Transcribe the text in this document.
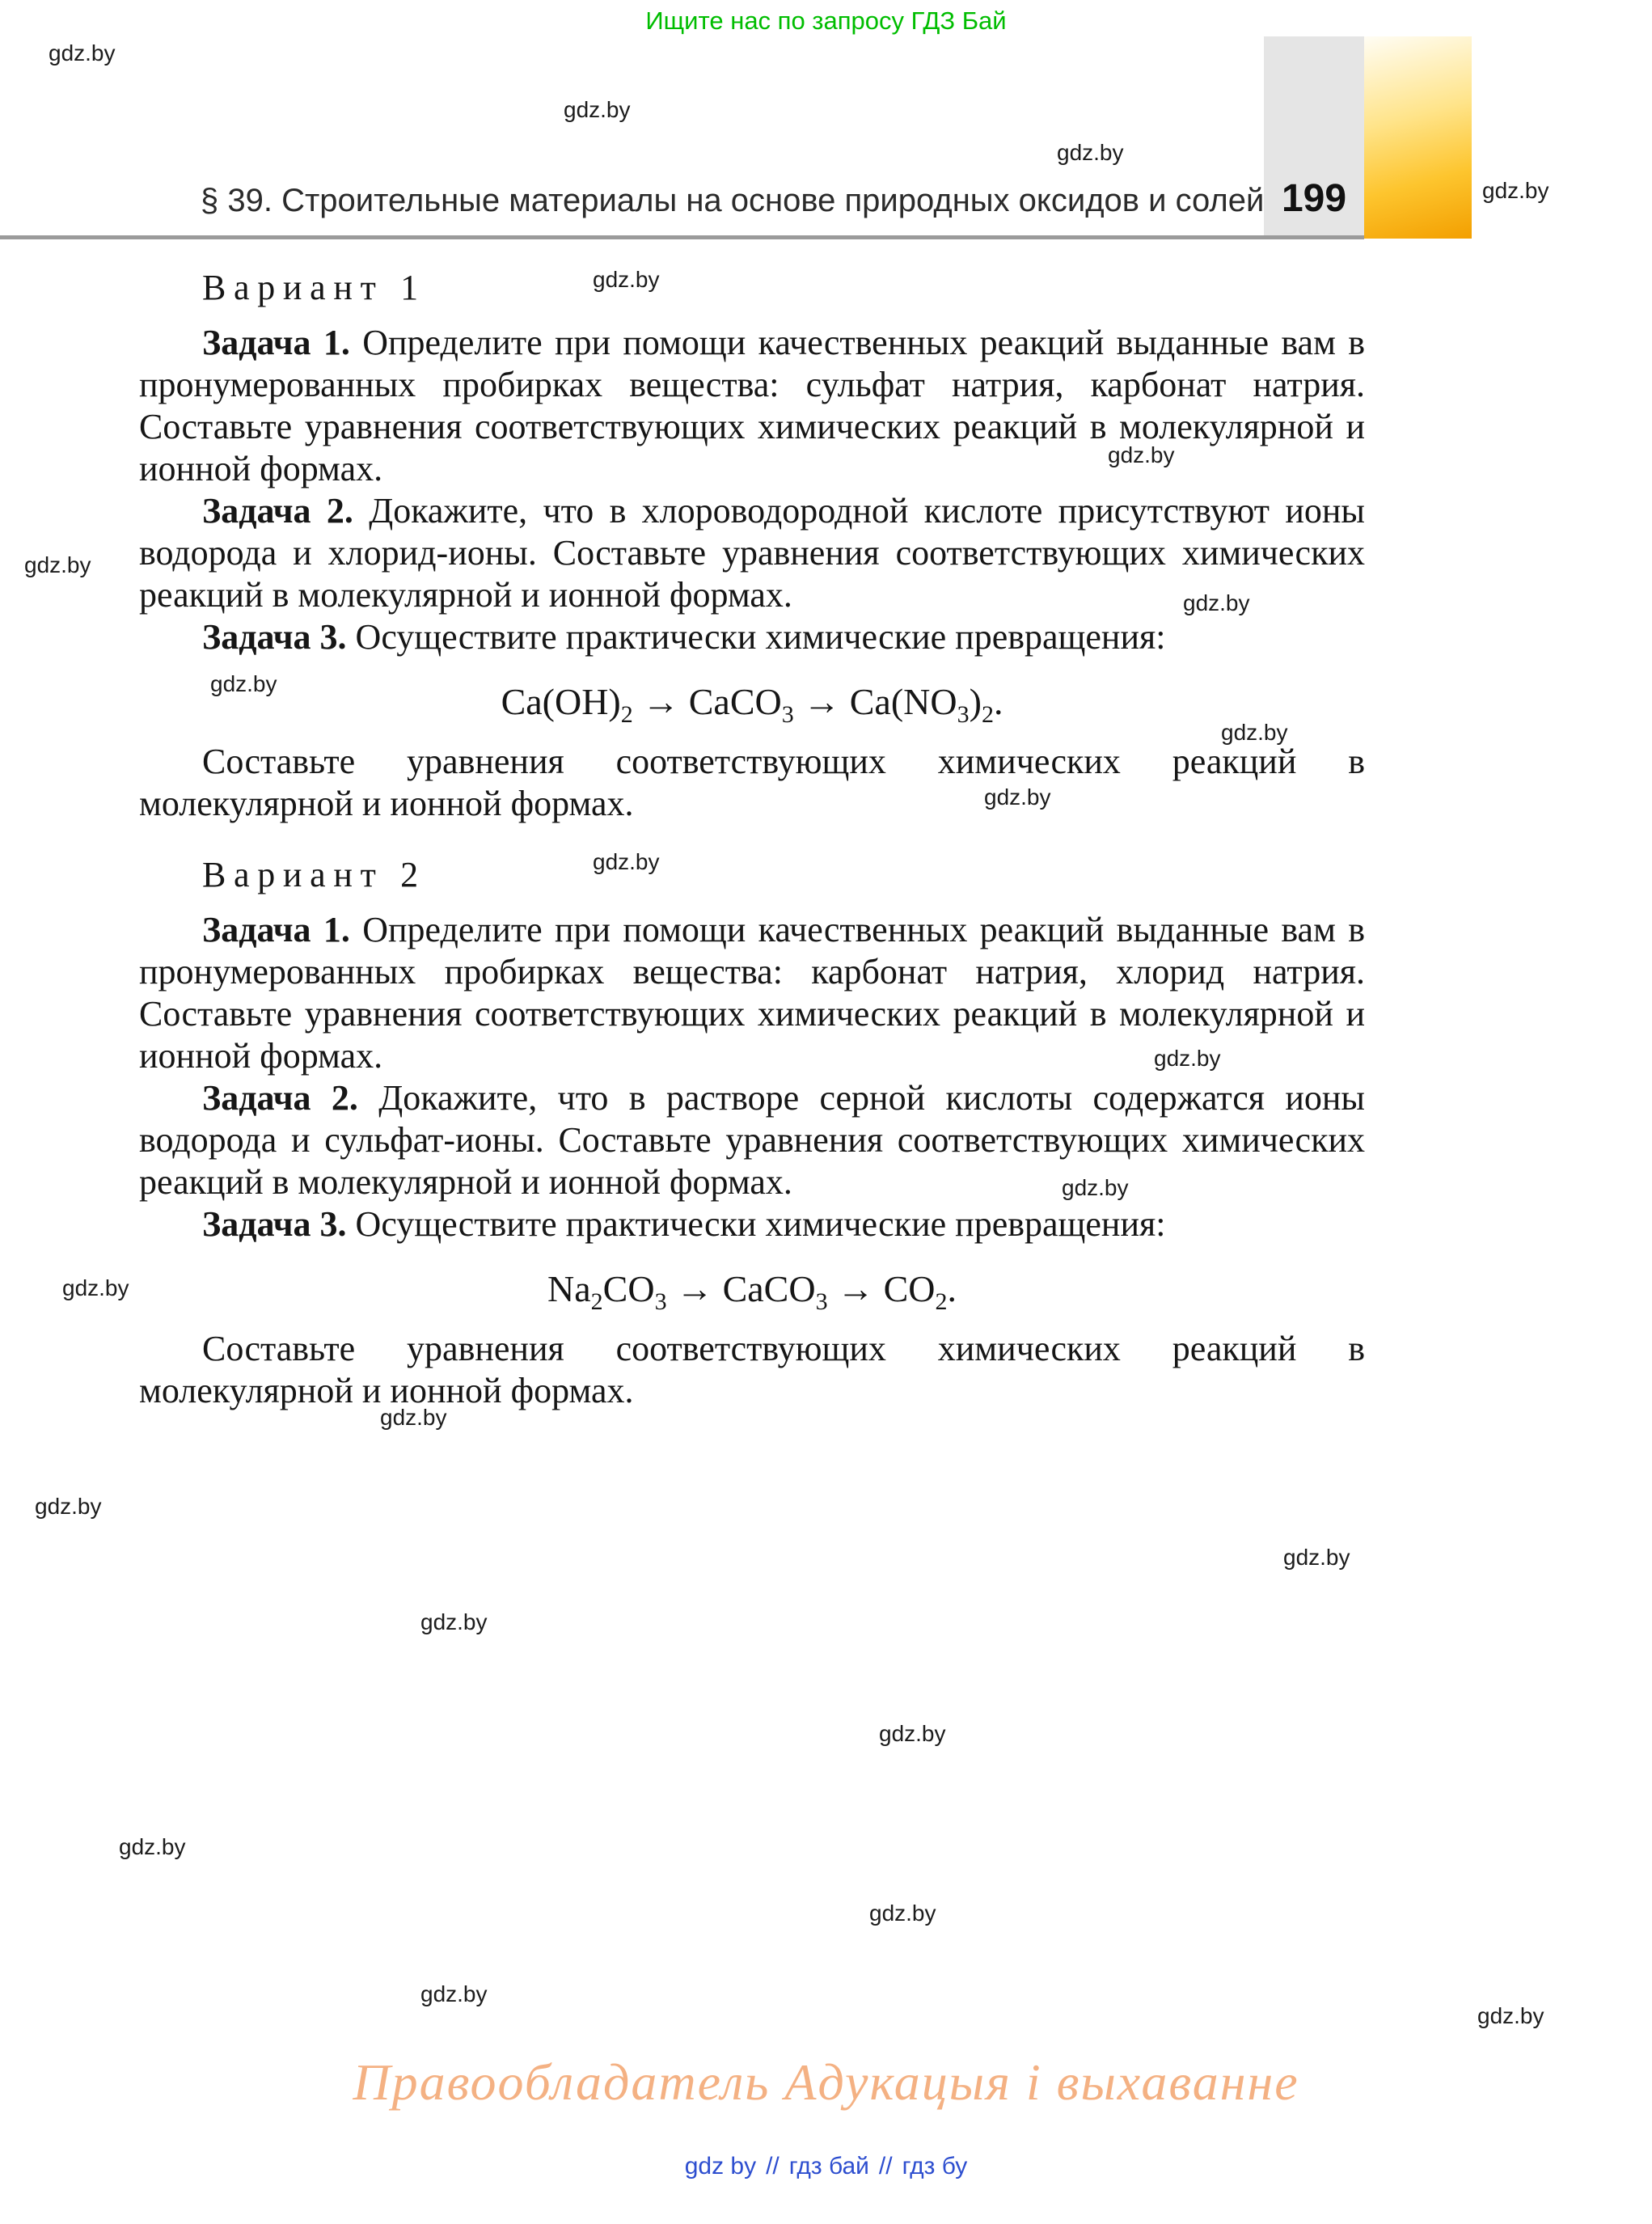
Ищите нас по запросу ГДЗ Бай
gdz.by
gdz.by
gdz.by
gdz.by
gdz.by
gdz.by
gdz.by
gdz.by
gdz.by
gdz.by
gdz.by
gdz.by
gdz.by
gdz.by
gdz.by
gdz.by
gdz.by
gdz.by
gdz.by
gdz.by
gdz.by
gdz.by
gdz.by
gdz.by
§ 39. Строительные материалы на основе природных оксидов и солей 199

Вариант 1

Задача 1. Определите при помощи качественных реакций выданные вам в пронумерованных пробирках вещества: сульфат натрия, карбонат натрия. Составьте уравнения соответствующих химических реакций в молекулярной и ионной формах.

Задача 2. Докажите, что в хлороводородной кислоте присутствуют ионы водорода и хлорид-ионы. Составьте уравнения соответствующих химических реакций в молекулярной и ионной формах.

Задача 3. Осуществите практически химические превращения:

$Ca(OH)_2$ → CaCO$_3$ → $Ca(NO_3)_2$.

Составьте уравнения соответствующих химических реакций в молекулярной и ионной формах.

Вариант 2

Задача 1. Определите при помощи качественных реакций выданные вам в пронумерованных пробирках вещества: карбонат натрия, хлорид натрия. Составьте уравнения соответствующих химических реакций в молекулярной и ионной формах.

Задача 2. Докажите, что в растворе серной кислоты содержатся ионы водорода и сульфат-ионы. Составьте уравнения соответствующих химических реакций в молекулярной и ионной формах.

Задача 3. Осуществите практически химические превращения:

$Na_2CO_3$ → CaCO$_3$ → $CO_2$.

Составьте уравнения соответствующих химических реакций в молекулярной и ионной формах.

Правообладатель Адукацыя і выхаванне
gdz by // гдз бай // гдз бу
